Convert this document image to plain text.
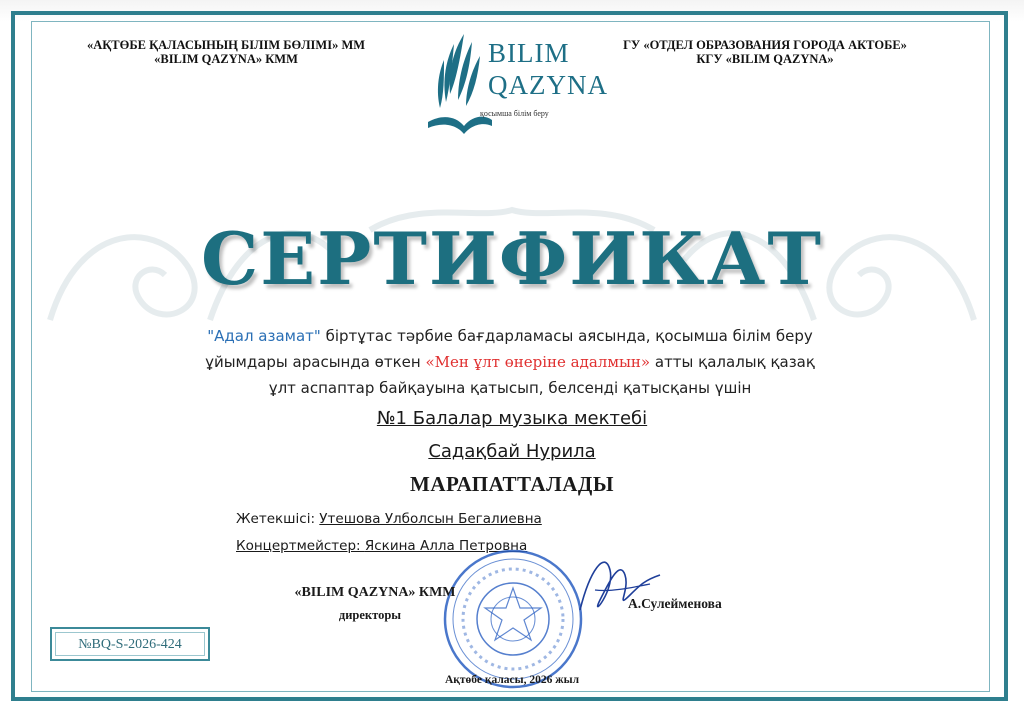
«АҚТӨБЕ ҚАЛАСЫНЫҢ БІЛІМ БӨЛІМІ» ММ
«BILIM QAZYNA» КММ	BILIM
QAZYNA
қосымша білім беру
ГУ «ОТДЕЛ ОБРАЗОВАНИЯ ГОРОДА АКТОБЕ»
КГУ «BILIM QAZYNA»
СЕРТИФИКАТ
"Адал азамат" біртұтас тәрбие бағдарламасы аясында, қосымша білім беру
ұйымдары арасында өткен «Мен ұлт өнеріне адалмын» атты қалалық қазақ
ұлт аспаптар байқауына қатысып, белсенді қатысқаны үшін
№1 Балалар музыка мектебі
Садақбай Нурила
МАРАПАТТАЛАДЫ
Жетекшісі: Утешова Улболсын Бегалиевна
Концертмейстер: Яскина Алла Петровна
«BILIM QAZYNA» КММ
директоры
А.Сулейменова
№BQ-S-2026-424
Ақтөбе қаласы, 2026 жыл
